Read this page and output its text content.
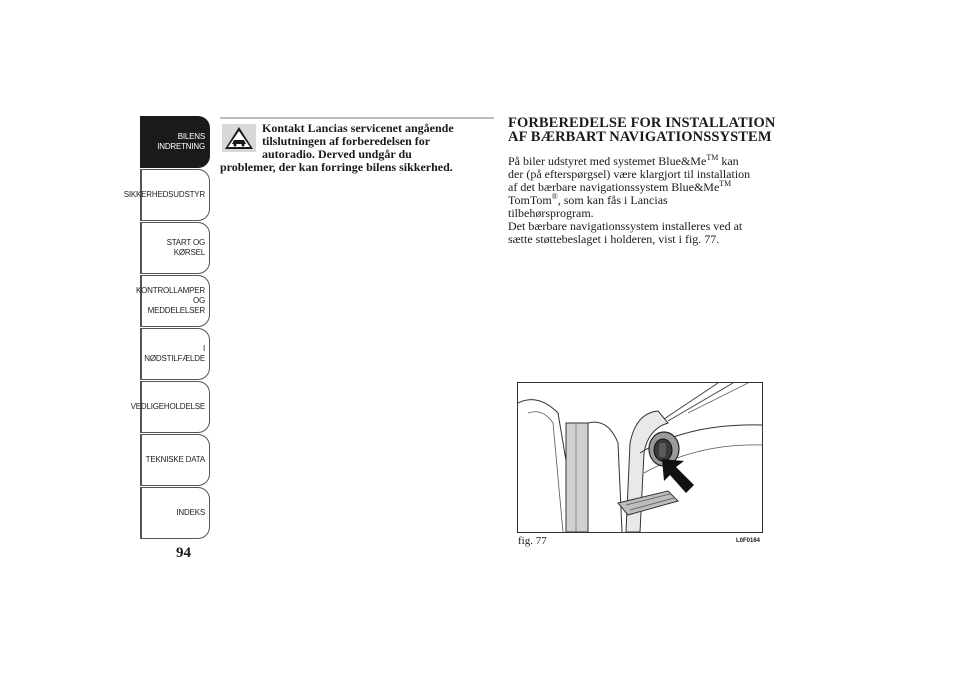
BILENS
INDRETNING
SIKKERHEDSUDSTYR
START OG KØRSEL
KONTROLLAMPER
OG MEDDELELSER
I NØDSTILFÆLDE
VEDLIGEHOLDELSE
TEKNISKE DATA
INDEKS
94
Kontakt Lancias servicenet angående
tilslutningen af forberedelsen for
autoradio. Derved undgår du
problemer, der kan forringe bilens sikkerhed.
FORBEREDELSE FOR INSTALLATION
AF BÆRBART NAVIGATIONSSYSTEM
På biler udstyret med systemet Blue&Me™ kan
der (på efterspørgsel) være klargjort til installation
af det bærbare navigationssystem Blue&Me™
TomTom®, som kan fås i Lancias
tilbehørsprogram.
Det bærbare navigationssystem installeres ved at
sætte støttebeslaget i holderen, vist i fig. 77.
fig. 77	L0F0164
